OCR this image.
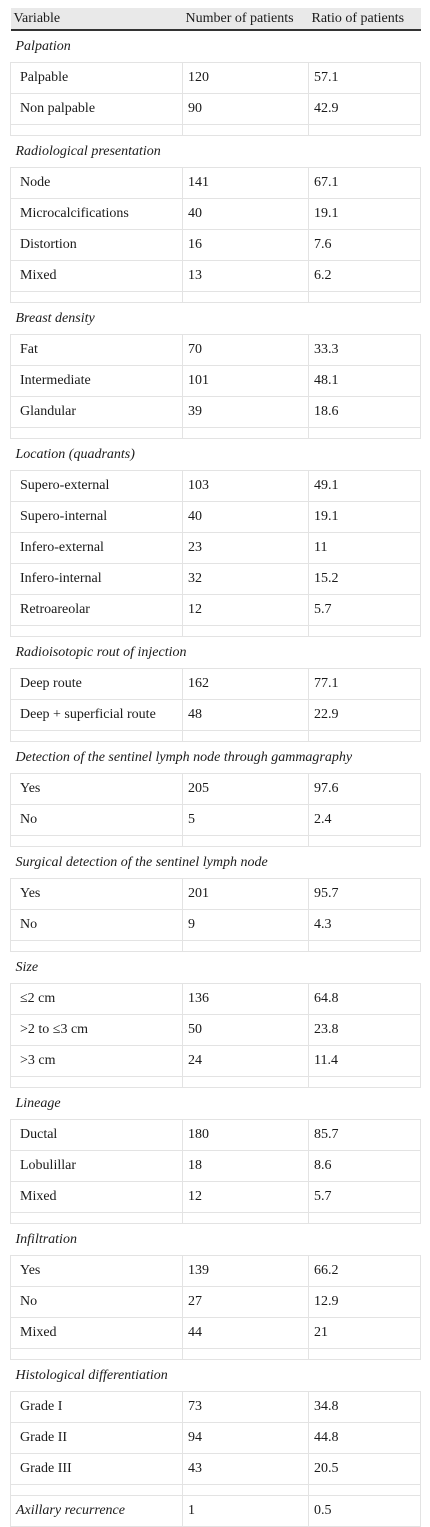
Variable	Number of patients	Ratio of patients
Palpation		
Palpable	120	57.1
Non palpable	90	42.9

Radiological presentation		
Node	141	67.1
Microcalcifications	40	19.1
Distortion	16	7.6
Mixed	13	6.2

Breast density		
Fat	70	33.3
Intermediate	101	48.1
Glandular	39	18.6

Location (quadrants)		
Supero-external	103	49.1
Supero-internal	40	19.1
Infero-external	23	11
Infero-internal	32	15.2
Retroareolar	12	5.7

Radioisotopic rout of injection		
Deep route	162	77.1
Deep + superficial route	48	22.9

Detection of the sentinel lymph node through gammagraphy		
Yes	205	97.6
No	5	2.4

Surgical detection of the sentinel lymph node		
Yes	201	95.7
No	9	4.3

Size		
≤2 cm	136	64.8
>2 to ≤3 cm	50	23.8
>3 cm	24	11.4

Lineage		
Ductal	180	85.7
Lobulillar	18	8.6
Mixed	12	5.7

Infiltration		
Yes	139	66.2
No	27	12.9
Mixed	44	21

Histological differentiation		
Grade I	73	34.8
Grade II	94	44.8
Grade III	43	20.5

Axillary recurrence	1	0.5
